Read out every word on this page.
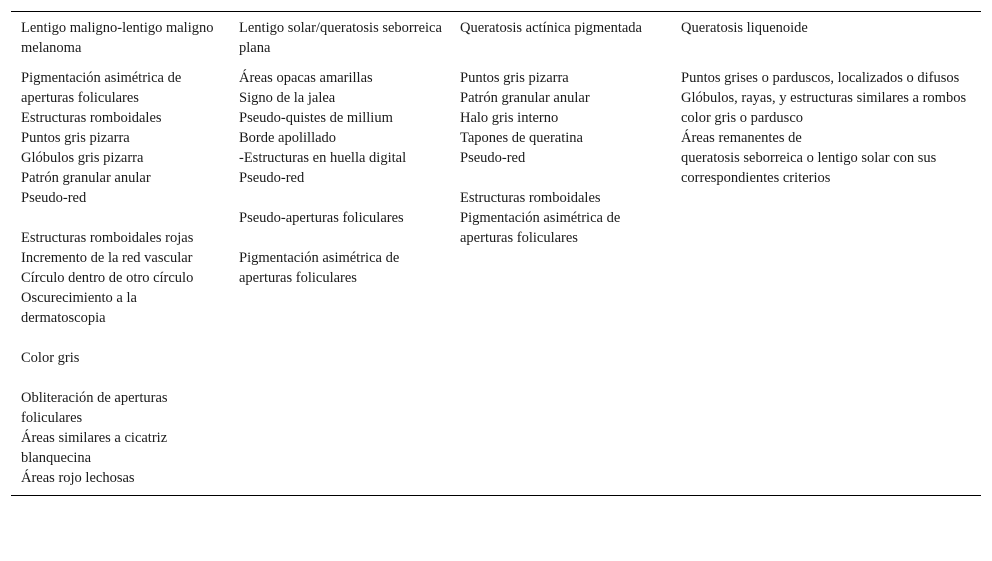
Lentigo maligno-lentigo maligno melanoma
Lentigo solar/queratosis seborreica plana
Queratosis actínica pigmentada	Queratosis liquenoide
Pigmentación asimétrica de aperturas foliculares
Estructuras romboidales
Puntos gris pizarra
Glóbulos gris pizarra
Patrón granular anular
Pseudo-red
Estructuras romboidales rojas
Incremento de la red vascular
Círculo dentro de otro círculo
Oscurecimiento a la dermatoscopia
Color gris
Obliteración de aperturas foliculares
Áreas similares a cicatriz blanquecina
Áreas rojo lechosas
Áreas opacas amarillas
Signo de la jalea
Pseudo-quistes de millium
Borde apolillado
-Estructuras en huella digital
Pseudo-red
Pseudo-aperturas foliculares
Pigmentación asimétrica de aperturas foliculares
Puntos gris pizarra
Patrón granular anular
Halo gris interno
Tapones de queratina
Pseudo-red
Estructuras romboidales
Pigmentación asimétrica de aperturas foliculares
Puntos grises o parduscos, localizados o difusos
Glóbulos, rayas, y estructuras similares a rombos color gris o pardusco
Áreas remanentes de
queratosis seborreica o lentigo solar con sus correspondientes criterios
